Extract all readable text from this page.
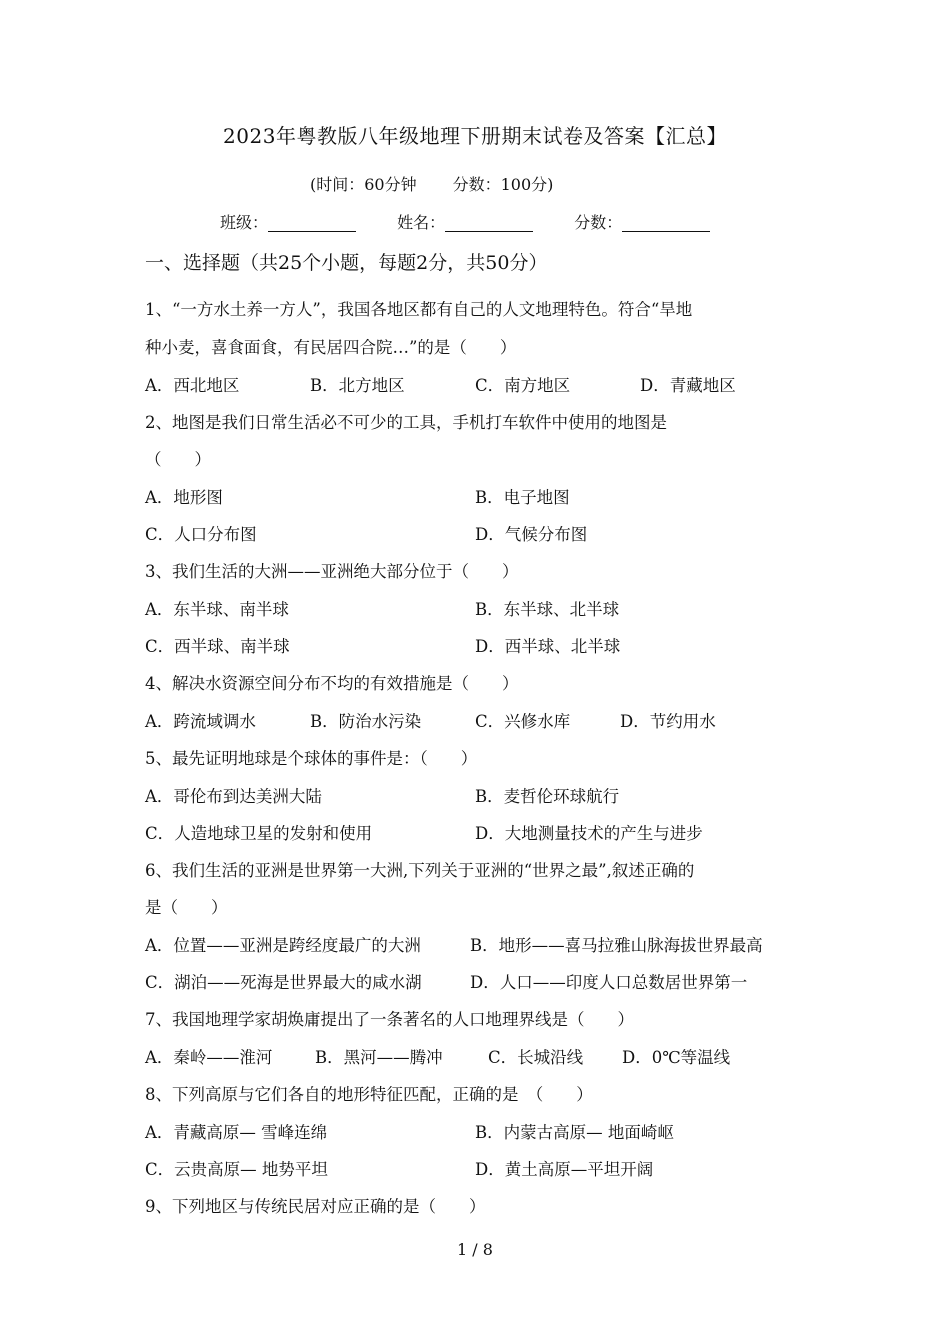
2023年粤教版八年级地理下册期末试卷及答案【汇总】
(时间：60分钟 分数：100分)
班级：	姓名：	分数：
一、选择题（共25个小题，每题2分，共50分）
1、“一方水土养一方人”，我国各地区都有自己的人文地理特色。符合“旱地
种小麦，喜食面食，有民居四合院…”的是（　　）
A．西北地区	B．北方地区	C．南方地区	D．青藏地区
2、地图是我们日常生活必不可少的工具，手机打车软件中使用的地图是
（　　）
A．地形图	B．电子地图
C．人口分布图	D．气候分布图
3、我们生活的大洲——亚洲绝大部分位于（　　）
A．东半球、南半球	B．东半球、北半球
C．西半球、南半球	D．西半球、北半球
4、解决水资源空间分布不均的有效措施是（　　）
A．跨流域调水	B．防治水污染	C．兴修水库	D．节约用水
5、最先证明地球是个球体的事件是：（　　）
A．哥伦布到达美洲大陆	B．麦哲伦环球航行
C．人造地球卫星的发射和使用	D．大地测量技术的产生与进步
6、我们生活的亚洲是世界第一大洲,下列关于亚洲的“世界之最”,叙述正确的
是（　　）
A．位置——亚洲是跨经度最广的大洲	B．地形——喜马拉雅山脉海拔世界最高
C．湖泊——死海是世界最大的咸水湖	D．人口——印度人口总数居世界第一
7、我国地理学家胡焕庸提出了一条著名的人口地理界线是（　　）
A．秦岭——淮河	B．黑河——腾冲	C．长城沿线 D．0℃等温线
8、下列高原与它们各自的地形特征匹配，正确的是　（　　）
A．青藏高原— 雪峰连绵	B．内蒙古高原— 地面崎岖
C．云贵高原— 地势平坦	D．黄土高原—平坦开阔
9、下列地区与传统民居对应正确的是（　　）
1 / 8
